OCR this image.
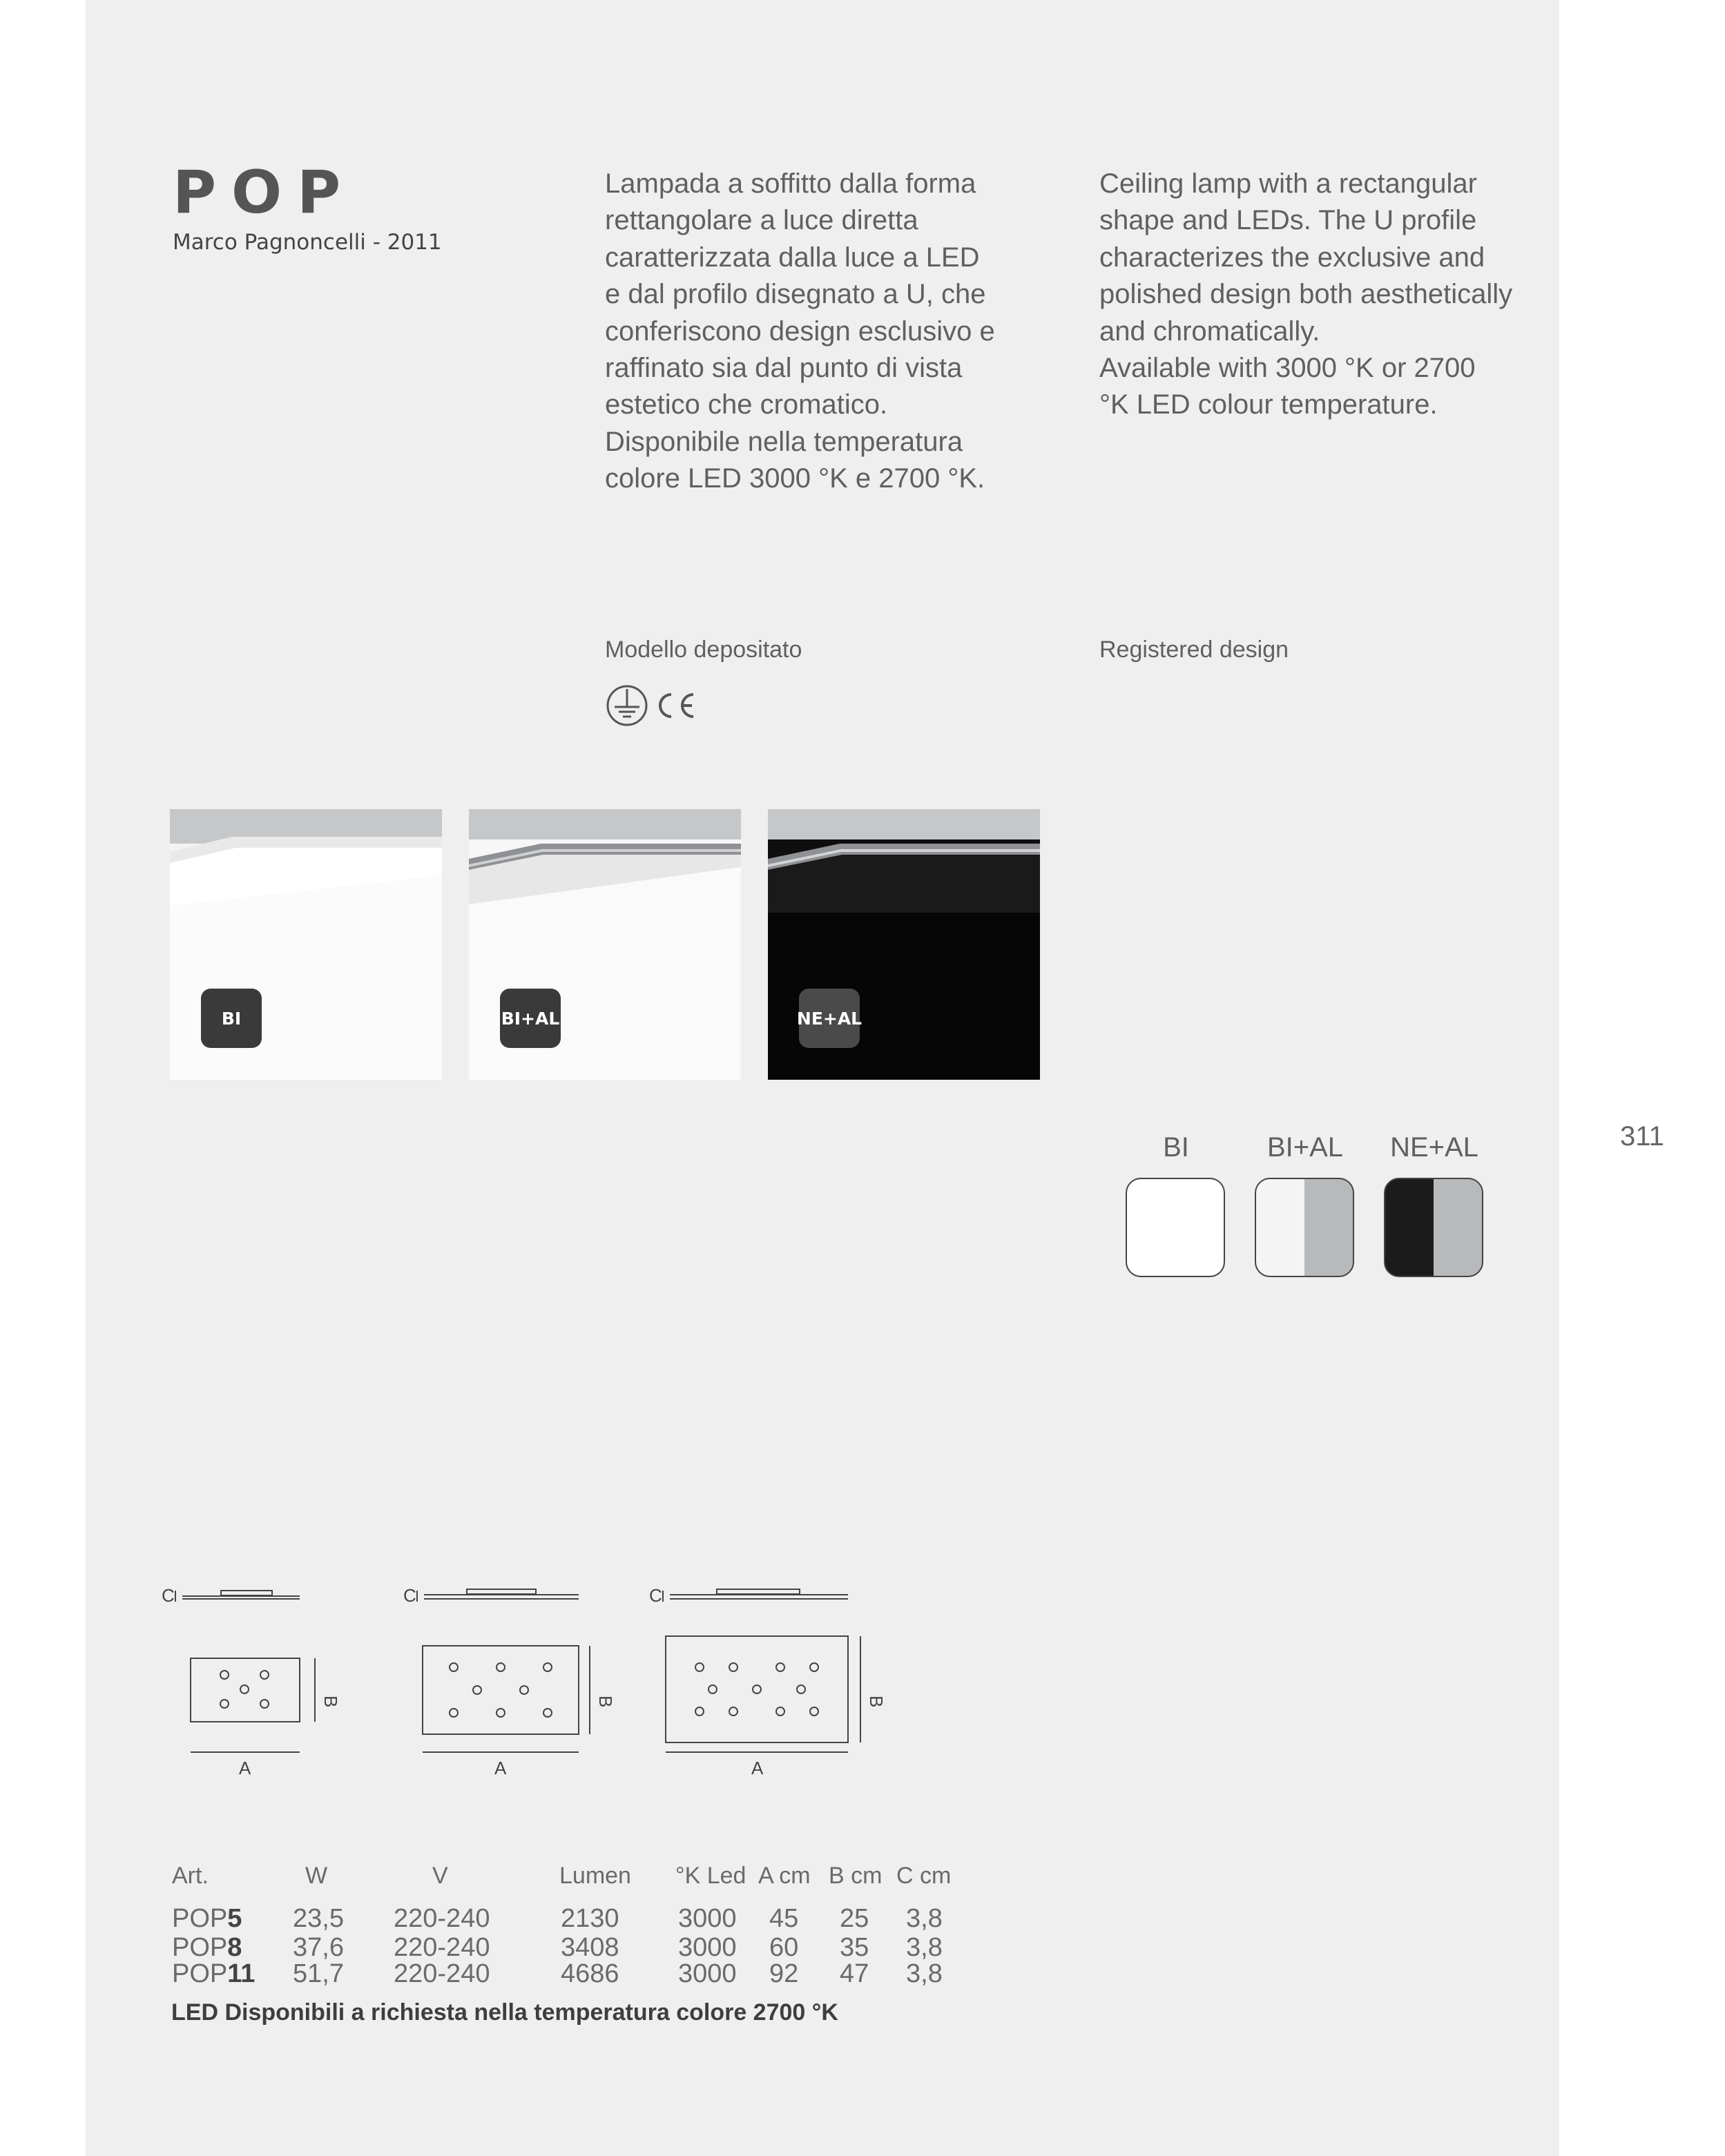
POP
Marco Pagnoncelli - 2011
Lampada a soffitto dalla forma
rettangolare a luce diretta
caratterizzata dalla luce a LED
e dal profilo disegnato a U, che
conferiscono design esclusivo e
raffinato sia dal punto di vista
estetico che cromatico.
Disponibile nella temperatura
colore LED 3000 °K e 2700 °K.
Ceiling lamp with a rectangular
shape and LEDs. The U profile
characterizes the exclusive and
polished design both aesthetically
and chromatically.
Available with 3000 °K or 2700
°K LED colour temperature.
Modello depositato	Registered design
BI	BI+AL	NE+AL
311
BI	BI+AL	NE+AL
C	C	C
B	B	B
A	A	A
Art.	W	V	Lumen °K Led A cm B cm C cm
POP5 23,5 220-240	2130 3000 45 25 3,8
POP8 37,6 220-240	3408 3000 60 35 3,8
POP11 51,7 220-240	4686 3000 92 47 3,8
LED Disponibili a richiesta nella temperatura colore 2700 °K
